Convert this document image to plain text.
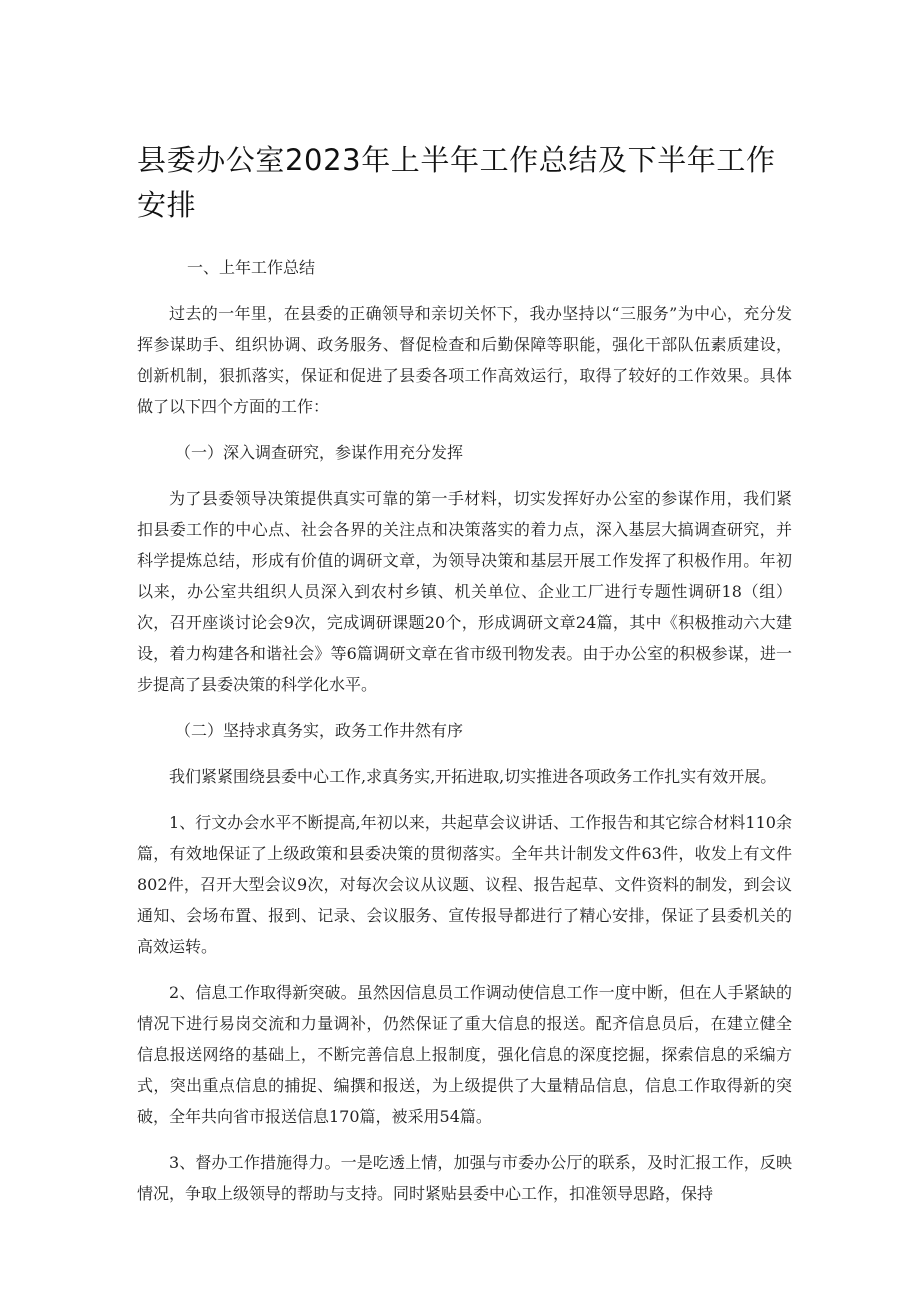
县委办公室2023年上半年工作总结及下半年工作安排

一、上年工作总结

过去的一年里，在县委的正确领导和亲切关怀下，我办坚持以“三服务”为中心，充分发挥参谋助手、组织协调、政务服务、督促检查和后勤保障等职能，强化干部队伍素质建设，创新机制，狠抓落实，保证和促进了县委各项工作高效运行，取得了较好的工作效果。具体做了以下四个方面的工作：

（一）深入调查研究，参谋作用充分发挥

为了县委领导决策提供真实可靠的第一手材料，切实发挥好办公室的参谋作用，我们紧扣县委工作的中心点、社会各界的关注点和决策落实的着力点，深入基层大搞调查研究，并科学提炼总结，形成有价值的调研文章，为领导决策和基层开展工作发挥了积极作用。年初以来，办公室共组织人员深入到农村乡镇、机关单位、企业工厂进行专题性调研18（组）次，召开座谈讨论会9次，完成调研课题20个，形成调研文章24篇，其中《积极推动六大建设，着力构建各和谐社会》等6篇调研文章在省市级刊物发表。由于办公室的积极参谋，进一步提高了县委决策的科学化水平。

（二）坚持求真务实，政务工作井然有序

我们紧紧围绕县委中心工作,求真务实,开拓进取,切实推进各项政务工作扎实有效开展。

1、行文办会水平不断提高,年初以来，共起草会议讲话、工作报告和其它综合材料110余篇，有效地保证了上级政策和县委决策的贯彻落实。全年共计制发文件63件，收发上有文件802件，召开大型会议9次，对每次会议从议题、议程、报告起草、文件资料的制发，到会议通知、会场布置、报到、记录、会议服务、宣传报导都进行了精心安排，保证了县委机关的高效运转。

2、信息工作取得新突破。虽然因信息员工作调动使信息工作一度中断，但在人手紧缺的情况下进行易岗交流和力量调补，仍然保证了重大信息的报送。配齐信息员后，在建立健全信息报送网络的基础上，不断完善信息上报制度，强化信息的深度挖掘，探索信息的采编方式，突出重点信息的捕捉、编撰和报送，为上级提供了大量精品信息，信息工作取得新的突破，全年共向省市报送信息170篇，被采用54篇。

3、督办工作措施得力。一是吃透上情，加强与市委办公厅的联系，及时汇报工作，反映情况，争取上级领导的帮助与支持。同时紧贴县委中心工作，扣准领导思路，保持
